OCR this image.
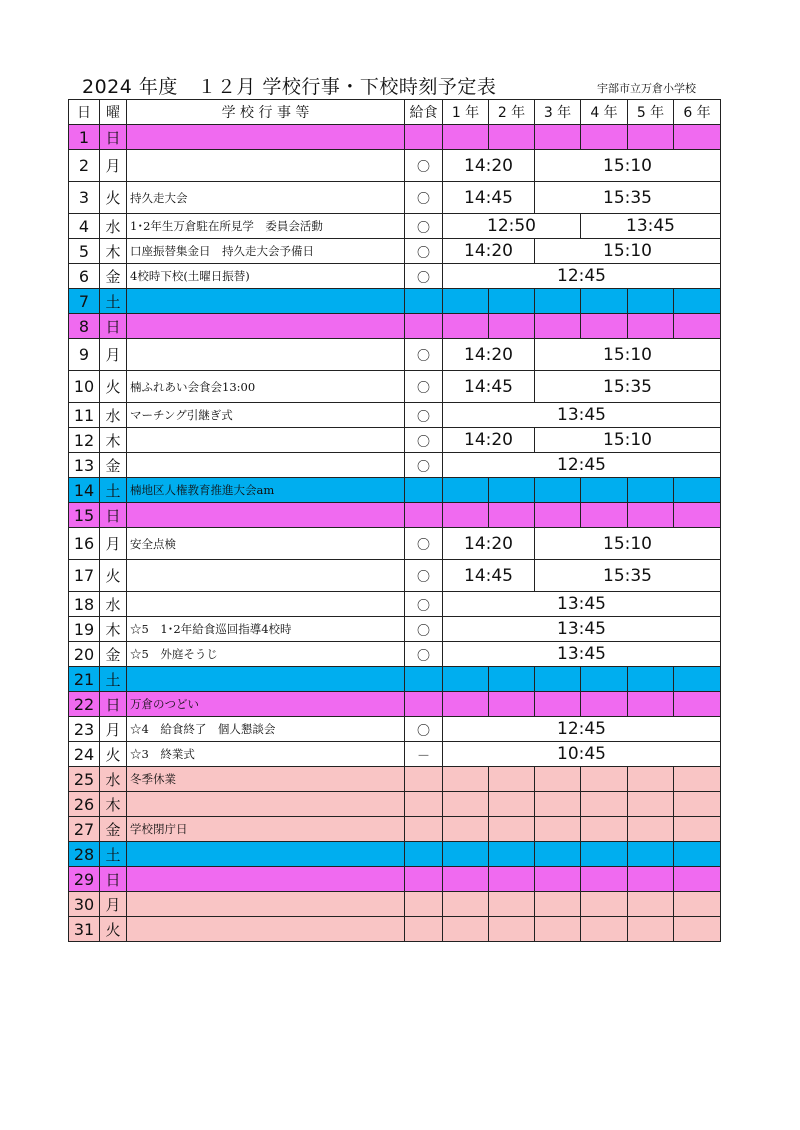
2024 年度　１２月 学校行事・下校時刻予定表	宇部市立万倉小学校
日	曜	学 校 行 事 等	給食	1 年	2 年	3 年	4 年	5 年	6 年
1	日								
2	月		〇	14:20		15:10			
3	火	持久走大会	〇	14:45		15:35			
4	水	1･2年生万倉駐在所見学　委員会活動	〇	12:50			13:45		
5	木	口座振替集金日　持久走大会予備日	〇	14:20		15:10			
6	金	4校時下校(土曜日振替)	〇	12:45					
7	土								
8	日								
9	月		〇	14:20		15:10			
10	火	楠ふれあい会食会13:00	〇	14:45		15:35			
11	水	マーチング引継ぎ式	〇	13:45					
12	木		〇	14:20		15:10			
13	金		〇	12:45					
14	土	楠地区人権教育推進大会am							
15	日								
16	月	安全点検	〇	14:20		15:10			
17	火		〇	14:45		15:35			
18	水		〇	13:45					
19	木	☆5　1･2年給食巡回指導4校時	〇	13:45					
20	金	☆5　外庭そうじ	〇	13:45					
21	土								
22	日	万倉のつどい							
23	月	☆4　給食終了　個人懇談会	〇	12:45					
24	火	☆3　終業式	－	10:45					
25	水	冬季休業							
26	木								
27	金	学校閉庁日							
28	土								
29	日								
30	月								
31	火								
